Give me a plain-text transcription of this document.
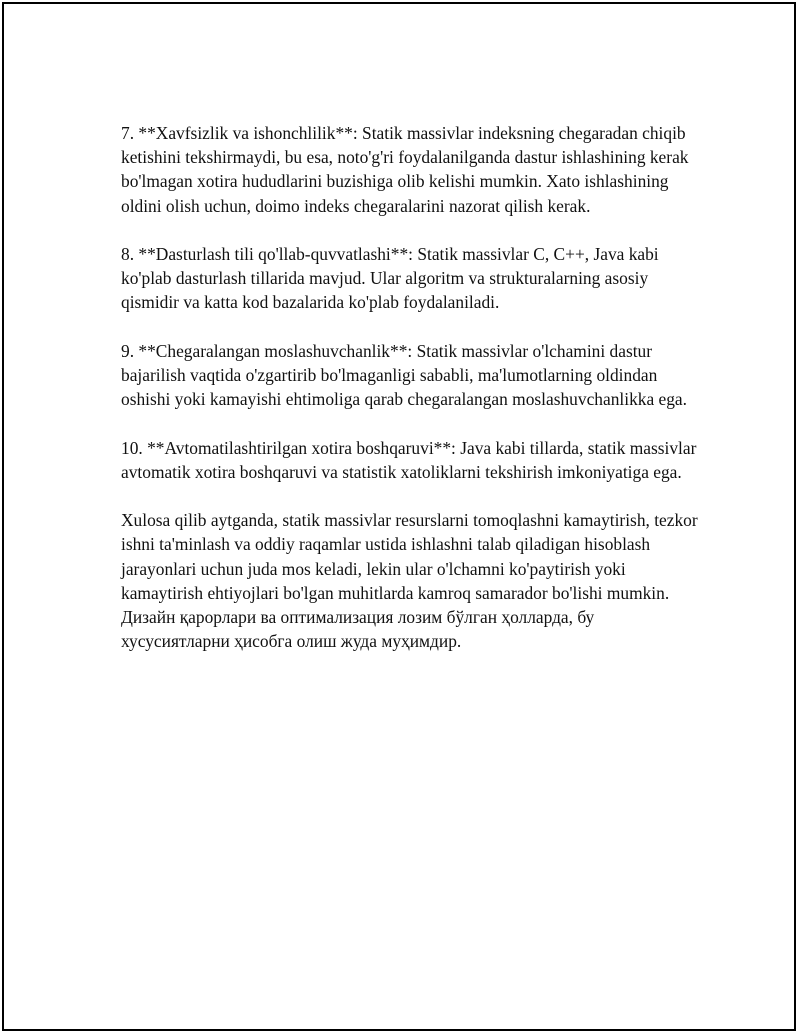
7. **Xavfsizlik va ishonchlilik**: Statik massivlar indeksning chegaradan chiqib ketishini tekshirmaydi, bu esa, noto'g'ri foydalanilganda dastur ishlashining kerak bo'lmagan xotira hududlarini buzishiga olib kelishi mumkin. Xato ishlashining oldini olish uchun, doimo indeks chegaralarini nazorat qilish kerak.

8. **Dasturlash tili qo'llab-quvvatlashi**: Statik massivlar C, C++, Java kabi ko'plab dasturlash tillarida mavjud. Ular algoritm va strukturalarning asosiy qismidir va katta kod bazalarida ko'plab foydalaniladi.

9. **Chegaralangan moslashuvchanlik**: Statik massivlar o'lchamini dastur bajarilish vaqtida o'zgartirib bo'lmaganligi sababli, ma'lumotlarning oldindan oshishi yoki kamayishi ehtimoliga qarab chegaralangan moslashuvchanlikka ega.

10. **Avtomatilashtirilgan xotira boshqaruvi**: Java kabi tillarda, statik massivlar avtomatik xotira boshqaruvi va statistik xatoliklarni tekshirish imkoniyatiga ega.

Xulosa qilib aytganda, statik massivlar resurslarni tomoqlashni kamaytirish, tezkor ishni ta'minlash va oddiy raqamlar ustida ishlashni talab qiladigan hisoblash jarayonlari uchun juda mos keladi, lekin ular o'lchamni ko'paytirish yoki kamaytirish ehtiyojlari bo'lgan muhitlarda kamroq samarador bo'lishi mumkin. Дизайн қарорлари ва оптимализация лозим бўлган ҳолларда, бу хусусиятларни ҳисобга олиш жуда муҳимдир.
